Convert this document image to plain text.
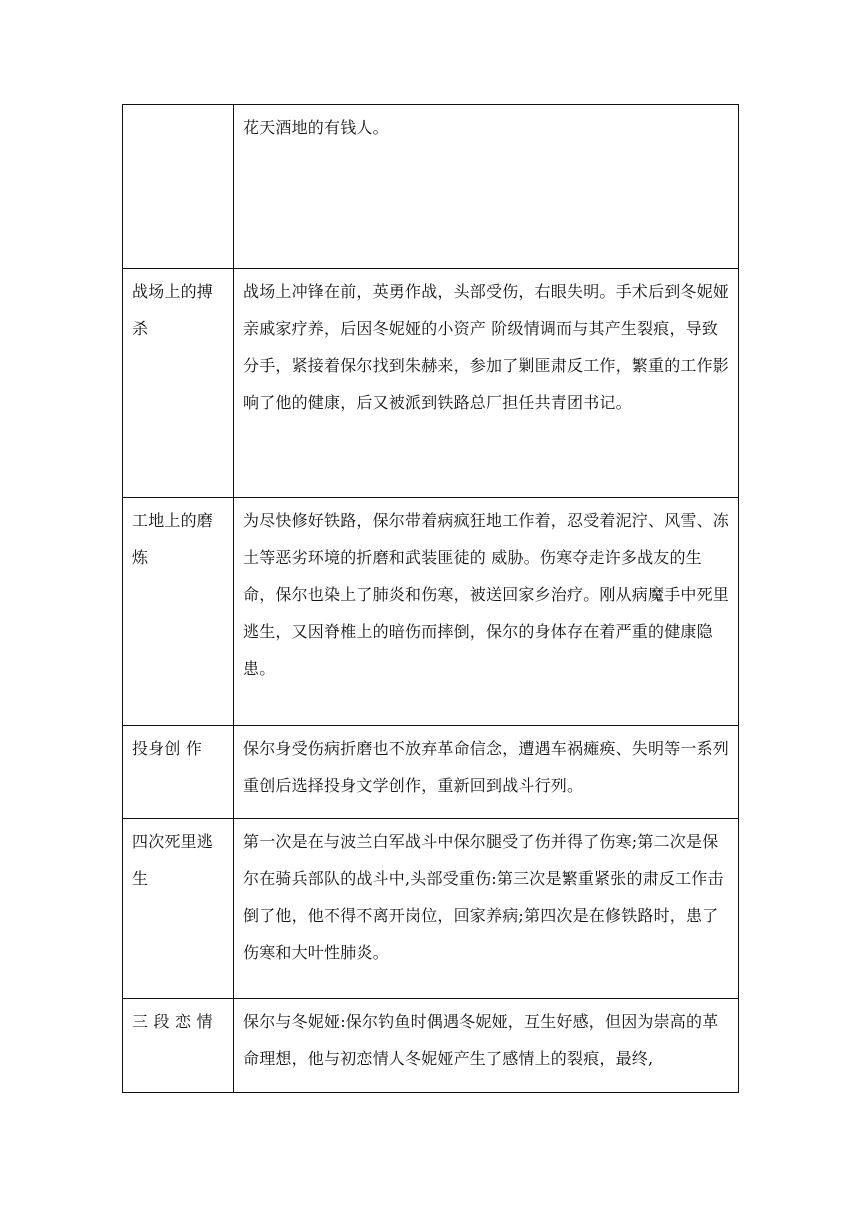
	花天酒地的有钱人。
战场上的搏杀	战场上冲锋在前，英勇作战，头部受伤，右眼失明。手术后到冬妮娅亲戚家疗养，后因冬妮娅的小资产 阶级情调而与其产生裂痕，导致分手，紧接着保尔找到朱赫来，参加了剿匪肃反工作，繁重的工作影响了他的健康，后又被派到铁路总厂担任共青团书记。
工地上的磨炼	为尽快修好铁路，保尔带着病疯狂地工作着，忍受着泥泞、风雪、冻土等恶劣环境的折磨和武装匪徒的 威胁。伤寒夺走许多战友的生命，保尔也染上了肺炎和伤寒，被送回家乡治疗。刚从病魔手中死里逃生，又因脊椎上的暗伤而摔倒，保尔的身体存在着严重的健康隐患。
投身创 作	保尔身受伤病折磨也不放弃革命信念，遭遇车祸瘫痪、失明等一系列重创后选择投身文学创作，重新回到战斗行列。
四次死里逃生	第一次是在与波兰白军战斗中保尔腿受了伤并得了伤寒;第二次是保尔在骑兵部队的战斗中,头部受重伤:第三次是繁重紧张的肃反工作击倒了他，他不得不离开岗位，回家养病;第四次是在修铁路时，患了伤寒和大叶性肺炎。
三 段 恋 情	保尔与冬妮娅:保尔钓鱼时偶遇冬妮娅，互生好感，但因为崇高的革命理想，他与初恋情人冬妮娅产生了感情上的裂痕，最终,
